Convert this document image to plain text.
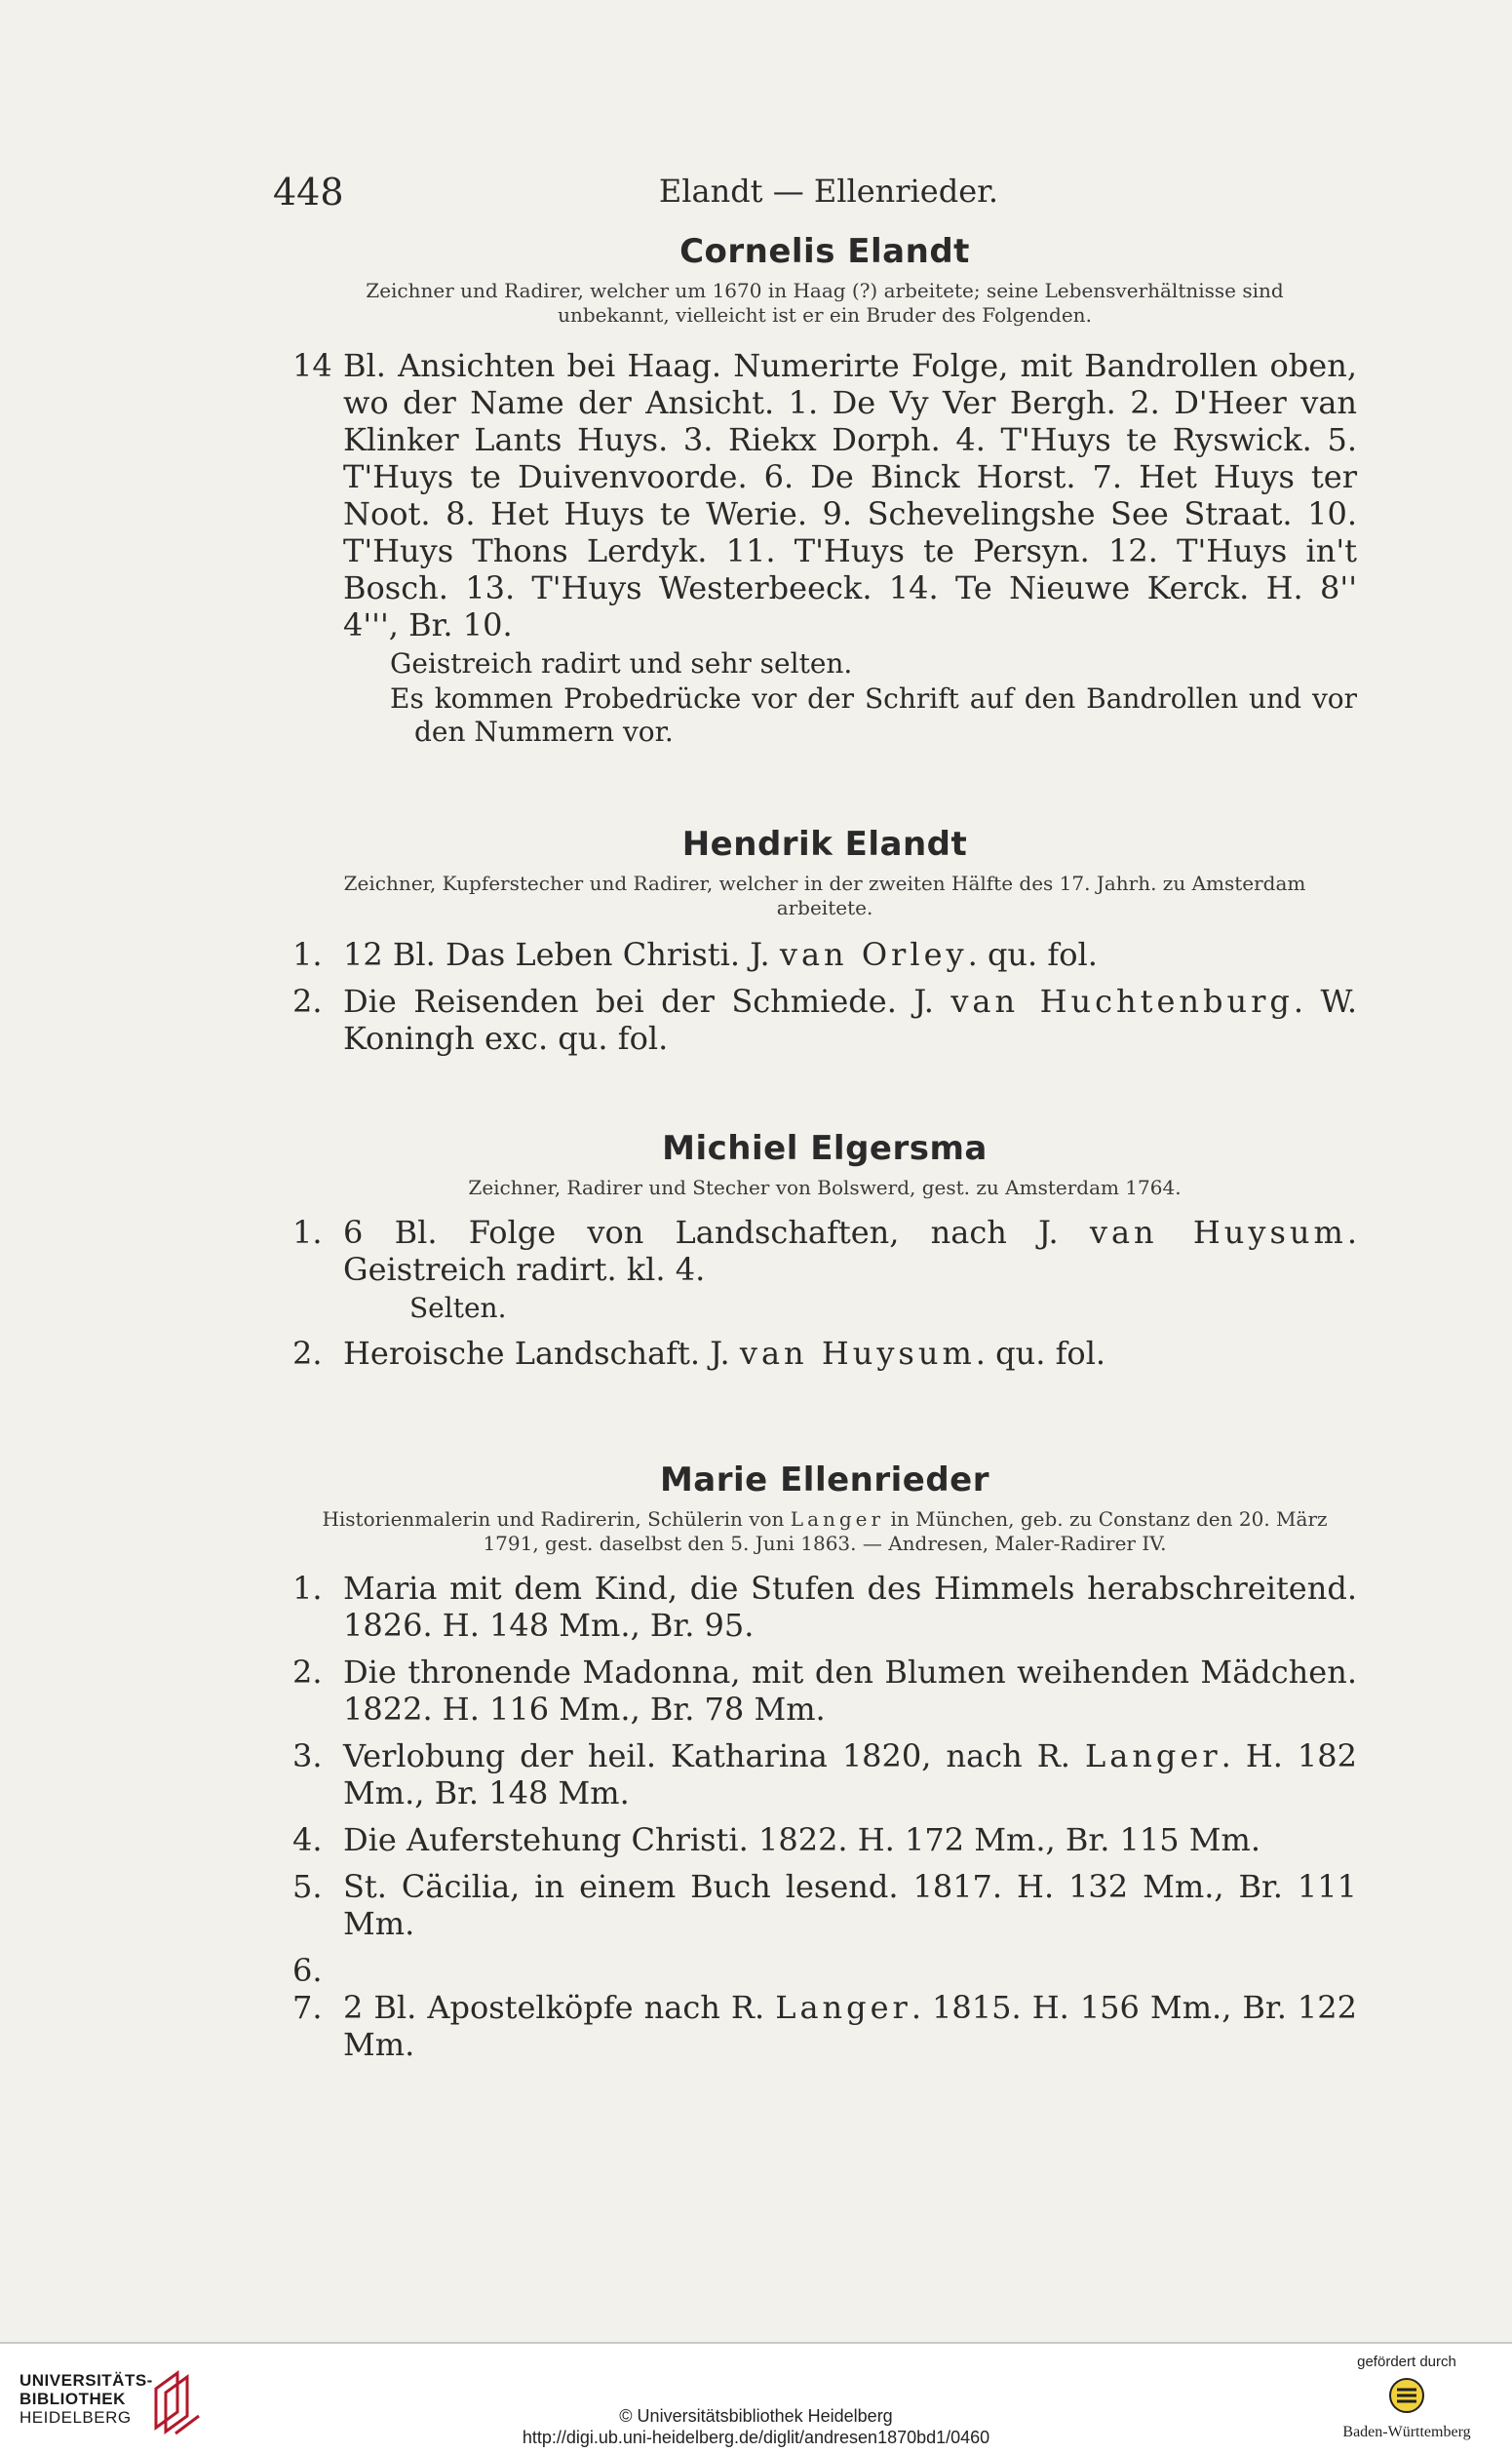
448	Elandt — Ellenrieder.
Cornelis Elandt

Zeichner und Radirer, welcher um 1670 in Haag (?) arbeitete; seine Lebensverhältnisse sind unbekannt, vielleicht ist er ein Bruder des Folgenden.

14 Bl. Ansichten bei Haag. Numerirte Folge, mit Bandrollen oben, wo der Name der Ansicht. 1. De Vy Ver Bergh. 2. D'Heer van Klinker Lants Huys. 3. Riekx Dorph. 4. T'Huys te Ryswick. 5. T'Huys te Duivenvoorde. 6. De Binck Horst. 7. Het Huys ter Noot. 8. Het Huys te Werie. 9. Schevelingshe See Straat. 10. T'Huys Thons Lerdyk. 11. T'Huys te Persyn. 12. T'Huys in't Bosch. 13. T'Huys Westerbeeck. 14. Te Nieuwe Kerck. H. 8'' 4''', Br. 10.

Geistreich radirt und sehr selten.

Es kommen Probedrücke vor der Schrift auf den Bandrollen und vor den Nummern vor.

Hendrik Elandt

Zeichner, Kupferstecher und Radirer, welcher in der zweiten Hälfte des 17. Jahrh. zu Amsterdam arbeitete.

1. 12 Bl. Das Leben Christi. J. van Orley. qu. fol.

2. Die Reisenden bei der Schmiede. J. van Huchtenburg. W. Koningh exc. qu. fol.

Michiel Elgersma

Zeichner, Radirer und Stecher von Bolswerd, gest. zu Amsterdam 1764.

1. 6 Bl. Folge von Landschaften, nach J. van Huysum. Geistreich radirt. kl. 4.

Selten.

2. Heroische Landschaft. J. van Huysum. qu. fol.

Marie Ellenrieder

Historienmalerin und Radirerin, Schülerin von Langer in München, geb. zu Constanz den 20. März 1791, gest. daselbst den 5. Juni 1863. — Andresen, Maler-Radirer IV.

1. Maria mit dem Kind, die Stufen des Himmels herabschreitend. 1826. H. 148 Mm., Br. 95.

2. Die thronende Madonna, mit den Blumen weihenden Mädchen. 1822. H. 116 Mm., Br. 78 Mm.

3. Verlobung der heil. Katharina 1820, nach R. Langer. H. 182 Mm., Br. 148 Mm.

4. Die Auferstehung Christi. 1822. H. 172 Mm., Br. 115 Mm.

5. St. Cäcilia, in einem Buch lesend. 1817. H. 132 Mm., Br. 111 Mm.

6. 7. 2 Bl. Apostelköpfe nach R. Langer. 1815. H. 156 Mm., Br. 122 Mm.

UNIVERSITÄTS-
BIBLIOTHEK
HEIDELBERG	© Universitätsbibliothek Heidelberg
http://digi.ub.uni-heidelberg.de/diglit/andresen1870bd1/0460
gefördert durch
Baden-Württemberg
